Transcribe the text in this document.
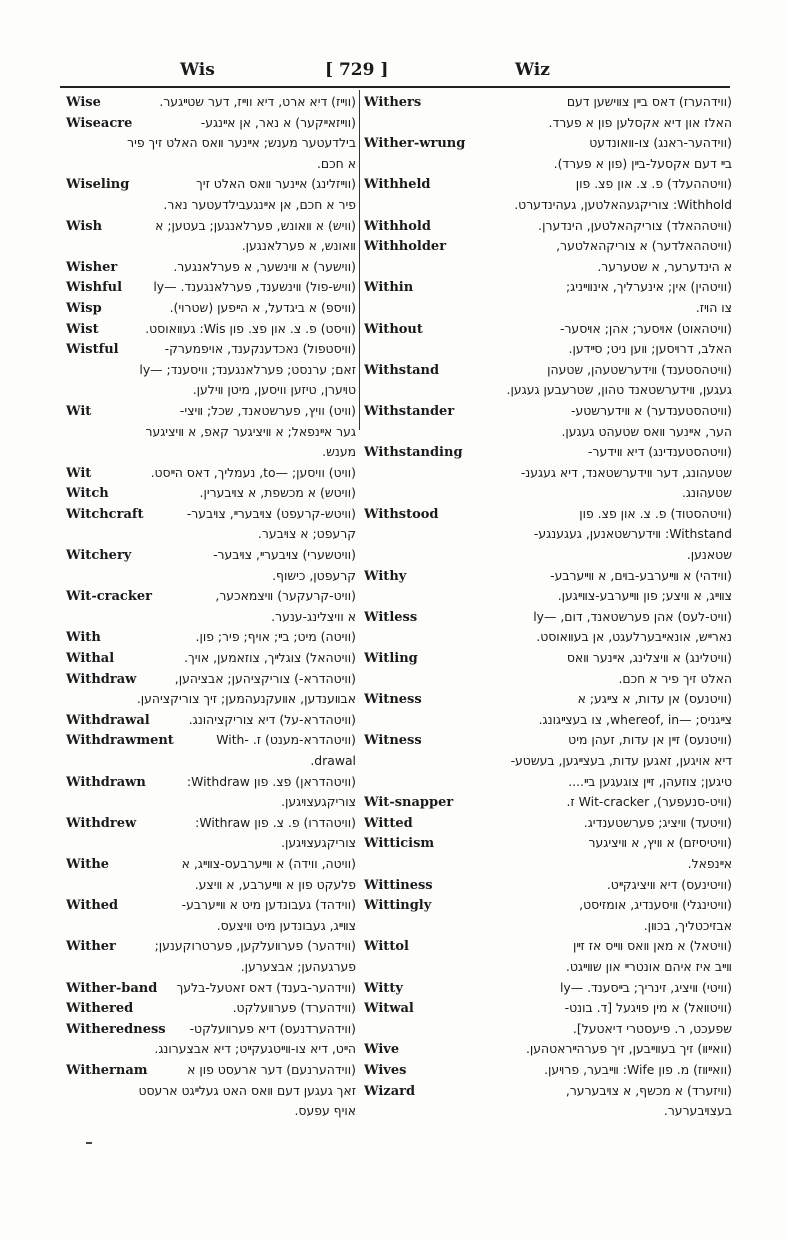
Wis	[ 729 ]	Wiz
Wise	(ווײז) דיא ארט, דיא ווײז, דער שטײגער.
Wiseacre	(ווײזאײקער) א נאר, אן אײנגע-
בילדעטער מענש; אײנער װאס האלט זיך פיר
א חכם.
Wiseling	(ווײזלינג) אײנער װאס האלט זיך
פיר א חכם, אן אײנגעבילדעטער נאר.
Wish	(וויש) א װאונש, פערלאנגען; בעטען; א
װאונש, א פערלאנגען.
Wisher	(ווישער) א װינשער, א פערלאנגער.
Wishful	(וויש-פול) װינשענד, פערלאנגענד. —ly
Wisp	(וויספ) א ביגדעל, א הײפען (שטרוי).
Wist	(וויסט) פ. צ. און פצ. פון Wis: געװאוסט.
Wistful	(וויסטפול) נאכדענקענד, אויפמערק-
זאם; ערנסט; פערלאנגענד; וויסענד; —ly
טױערן, טיזען וויסען, מיטן װילען.
Wit	(וויט) וויץ, פערשטאנד, שכל; װיצי-
גער אײנפאל; א װיציגער קאפ, א װיציגער
מענש.
Wit	(וויט) וויסען; —to, נעמליך, דאס הײסט.
Witch	(וויטש) א מכשפת, א צױבערין.
Witchcraft	(וויטש-קרעפט) צױבערײ, צױבער-
קרעפט; א צױבער.
Witchery	(וויטשערי) צױבערײ, צױבער-
קרעפטן, כישוף.
Wit-cracker	(וויט-קרעקער) װיצמאכער,
א וויצלינג-ענער.
With	(וויטה) מיט; בײ; אויף; פיר; פון.
Withal	(וויטהאל) צוגלײך, צוזאמען, אויך.
Withdraw	(וויטהדרא-) צוריקציהען; אבציהען,
אבװענדען, אװעקנעהמען; זיך צוריקציהען.
Withdrawal	(וויטהדרא-על) דיא צוריקציהונג.
Withdrawment	(וויטהדרא-מענט) ז. -With
drawal.
Withdrawn	(וויטהדראן) פצ. פון Withdraw:
צוריקגעצױגען.
Withdrew	(וויטהדרו) פ. צ. פון Withraw:
צוריקגעצױגען.
Withe	(וויטה, ווידה) א װײערבעס-צװײג, א
פלעקט פון א װײערבע, א װיצע.
Withed	(ווידהד) געבונדען מיט א װײערבע-
צװײג, געבונדען מיט װיצעס.
Wither	(ווידהער) פערװעלקען, פערטרוקענען;
פערגעהען; אבצערען.
Wither-band (ווידהער-בענד) דאס זאטעל-בלעך
Withered	(ווידהערד) פערװעלקט.
Witheredness (ווידהערדנעס) דיא פערװעלקט-
הײט, דיא צו-װײטגעקײט; דיא אבצערונג.
Withernam	(ווידהערנעם) דער ארעסט פון א
זאך געגען דעם װאס האט געלײגט ארעסט
אויף עפעס.
Withers	(ווידהערז) דאס בײן צװישען דעם
האלז און דיא אקסלען פון א פערד.
Wither-wrung	(ווידהער-ראנג) צו-װאונדעט
בײ דעם אקסעל-בײן (פון א פערד).
Withheld	(וויטההעלד) פ. צ. און פצ. פון
Withhold: צוריקגעהאלטען, געהינדערט.
Withhold	(וויטההאלד) צוריקהאלטען, הינדערן.
Withholder	(וויטההאלדער) א צוריקהאלטער,
א הינדערער, א שטערער.
Within	(וויטהין) אין; אינערליך, אינװײניג;
צו הױז.
Without	(וויטהאוט) אױסער; אהן; אױסער-
האלב, דרױסען; װען ניט; סײדען.
Withstand	(וויטהסטענד) װידערשטעהן, שטעהן
געגען, װידערשטאנד טהון, שטרעבען געגען.
Withstander	(וויטהסטענדער) א װידערשטע-
הער, אײנער װאס שטעהט געגען.
Withstanding	(וויטהסטענדינג) דיא װידער-
שטעהונג, דער װידערשטאנד, דיא געגענ-
שטעהונג.
Withstood	(וויטהסטוד) פ. צ. און פצ. פון
Withstand: װידערשטאנען, געגענגע-
שטאנען.
Withy	(ווידהי) א װײערבע-בױם, א װײערבע-
צװײג, א װיצע; פון װײערבע-צװײגען.
Witless	(וויט-לעס) אהן פערשטאנד, דום, —ly
נארײש, אונאײבערלעגט, אן בעװאוסט.
Witling	(וויטלינג) א װיצלינג, אײנער װאס
האלט זיך פיר א חכם.
Witness	(וויטנעס) אן עדות, א צײגע; א
צײגניס; —whereof, in, צו בעצײגונג.
Witness	(וויטנעס) זײן אן עדות, זעהן מיט
דיא אויגען, זאגען עדות, בעצײגען, בעשטע-
טיגען; צוזעהן, זײן צוגעגען בײ....
Wit-snapper	(וויט-סנעפער), Wit-cracker ז.
Witted	(וויטעד) װיציג; פערשטענדיג.
Witticism	(וויטיסיזם) א װיץ, א װיציגער
אײנפאל.
Wittiness	(וויטינעס) דיא װיציגקײט.
Wittingly	(וויטינגלי) װיסענדיג, אומזיסט,
אבזיכטליך, בכװן.
Wittol	(וויטאל) א מאן װאס װײס אז זײן
װײב איז איהם אונטרײ און שװײגט.
Witty	(וויטי) װיציג, זינריך; בײסענד. —ly
Witwal	(וויטװאל) א מין פױגעל [ד. בונט-
שפעכט, ר. פיעסטרי דיאטעל].
Wive	(וואײװ) זיך בעװײבען, זיך פערהײראטהען.
Wives	(וואײװז) מ. פון Wife: װײבער, פרױען.
Wizard	(וויזערד) א מכשף, א צױבערער,
בעצױבערער.
